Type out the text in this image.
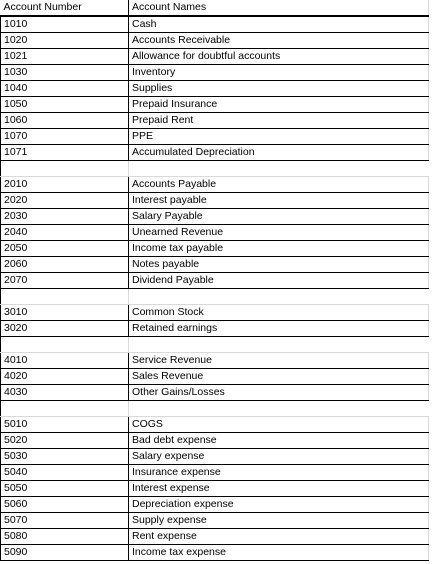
Account Number	Account Names
1010	Cash
1020	Accounts Receivable
1021	Allowance for doubtful accounts
1030	Inventory
1040	Supplies
1050	Prepaid Insurance
1060	Prepaid Rent
1070	PPE
1071	Accumulated Depreciation

2010	Accounts Payable
2020	Interest payable
2030	Salary Payable
2040	Unearned Revenue
2050	Income tax payable
2060	Notes payable
2070	Dividend Payable

3010	Common Stock
3020	Retained earnings

4010	Service Revenue
4020	Sales Revenue
4030	Other Gains/Losses

5010	COGS
5020	Bad debt expense
5030	Salary expense
5040	Insurance expense
5050	Interest expense
5060	Depreciation expense
5070	Supply expense
5080	Rent expense
5090	Income tax expense
